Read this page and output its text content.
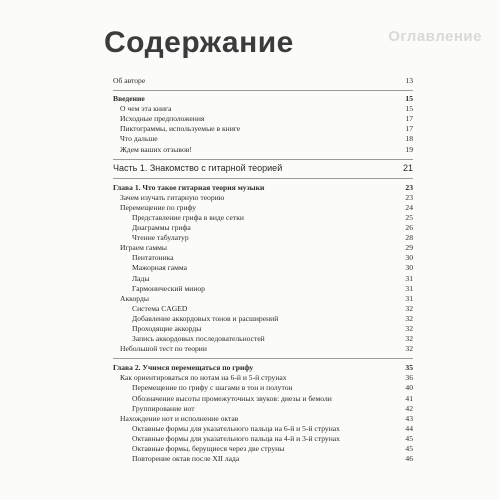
Оглавление
Содержание
Об авторе	13
Введение	15
О чем эта книга	15
Исходные предположения	17
Пиктограммы, используемые в книге	17
Что дальше	18
Ждем ваших отзывов!	19
Часть 1. Знакомство с гитарной теорией	21
Глава 1. Что такое гитарная теория музыки	23
Зачем изучать гитарную теорию	23
Перемещение по грифу	24
Представление грифа в виде сетки	25
Диаграммы грифа	26
Чтение табулатур	28
Играем гаммы	29
Пентатоника	30
Мажорная гамма	30
Лады	31
Гармонический минор	31
Аккорды	31
Система CAGED	32
Добавление аккордовых тонов и расширений	32
Проходящие аккорды	32
Запись аккордовых последовательностей	32
Небольшой тест по теории	32
Глава 2. Учимся перемещаться по грифу	35
Как ориентироваться по нотам на 6-й и 5-й струнах	36
Перемещение по грифу с шагами в тон и полутон	40
Обозначение высоты промежуточных звуков: диезы и бемоли	41
Группирование нот	42
Нахождение нот и исполнение октав	43
Октавные формы для указательного пальца на 6-й и 5-й струнах	44
Октавные формы для указательного пальца на 4-й и 3-й струнах	45
Октавные формы, берущиеся через две струны	45
Повторение октав после XII лада	46
